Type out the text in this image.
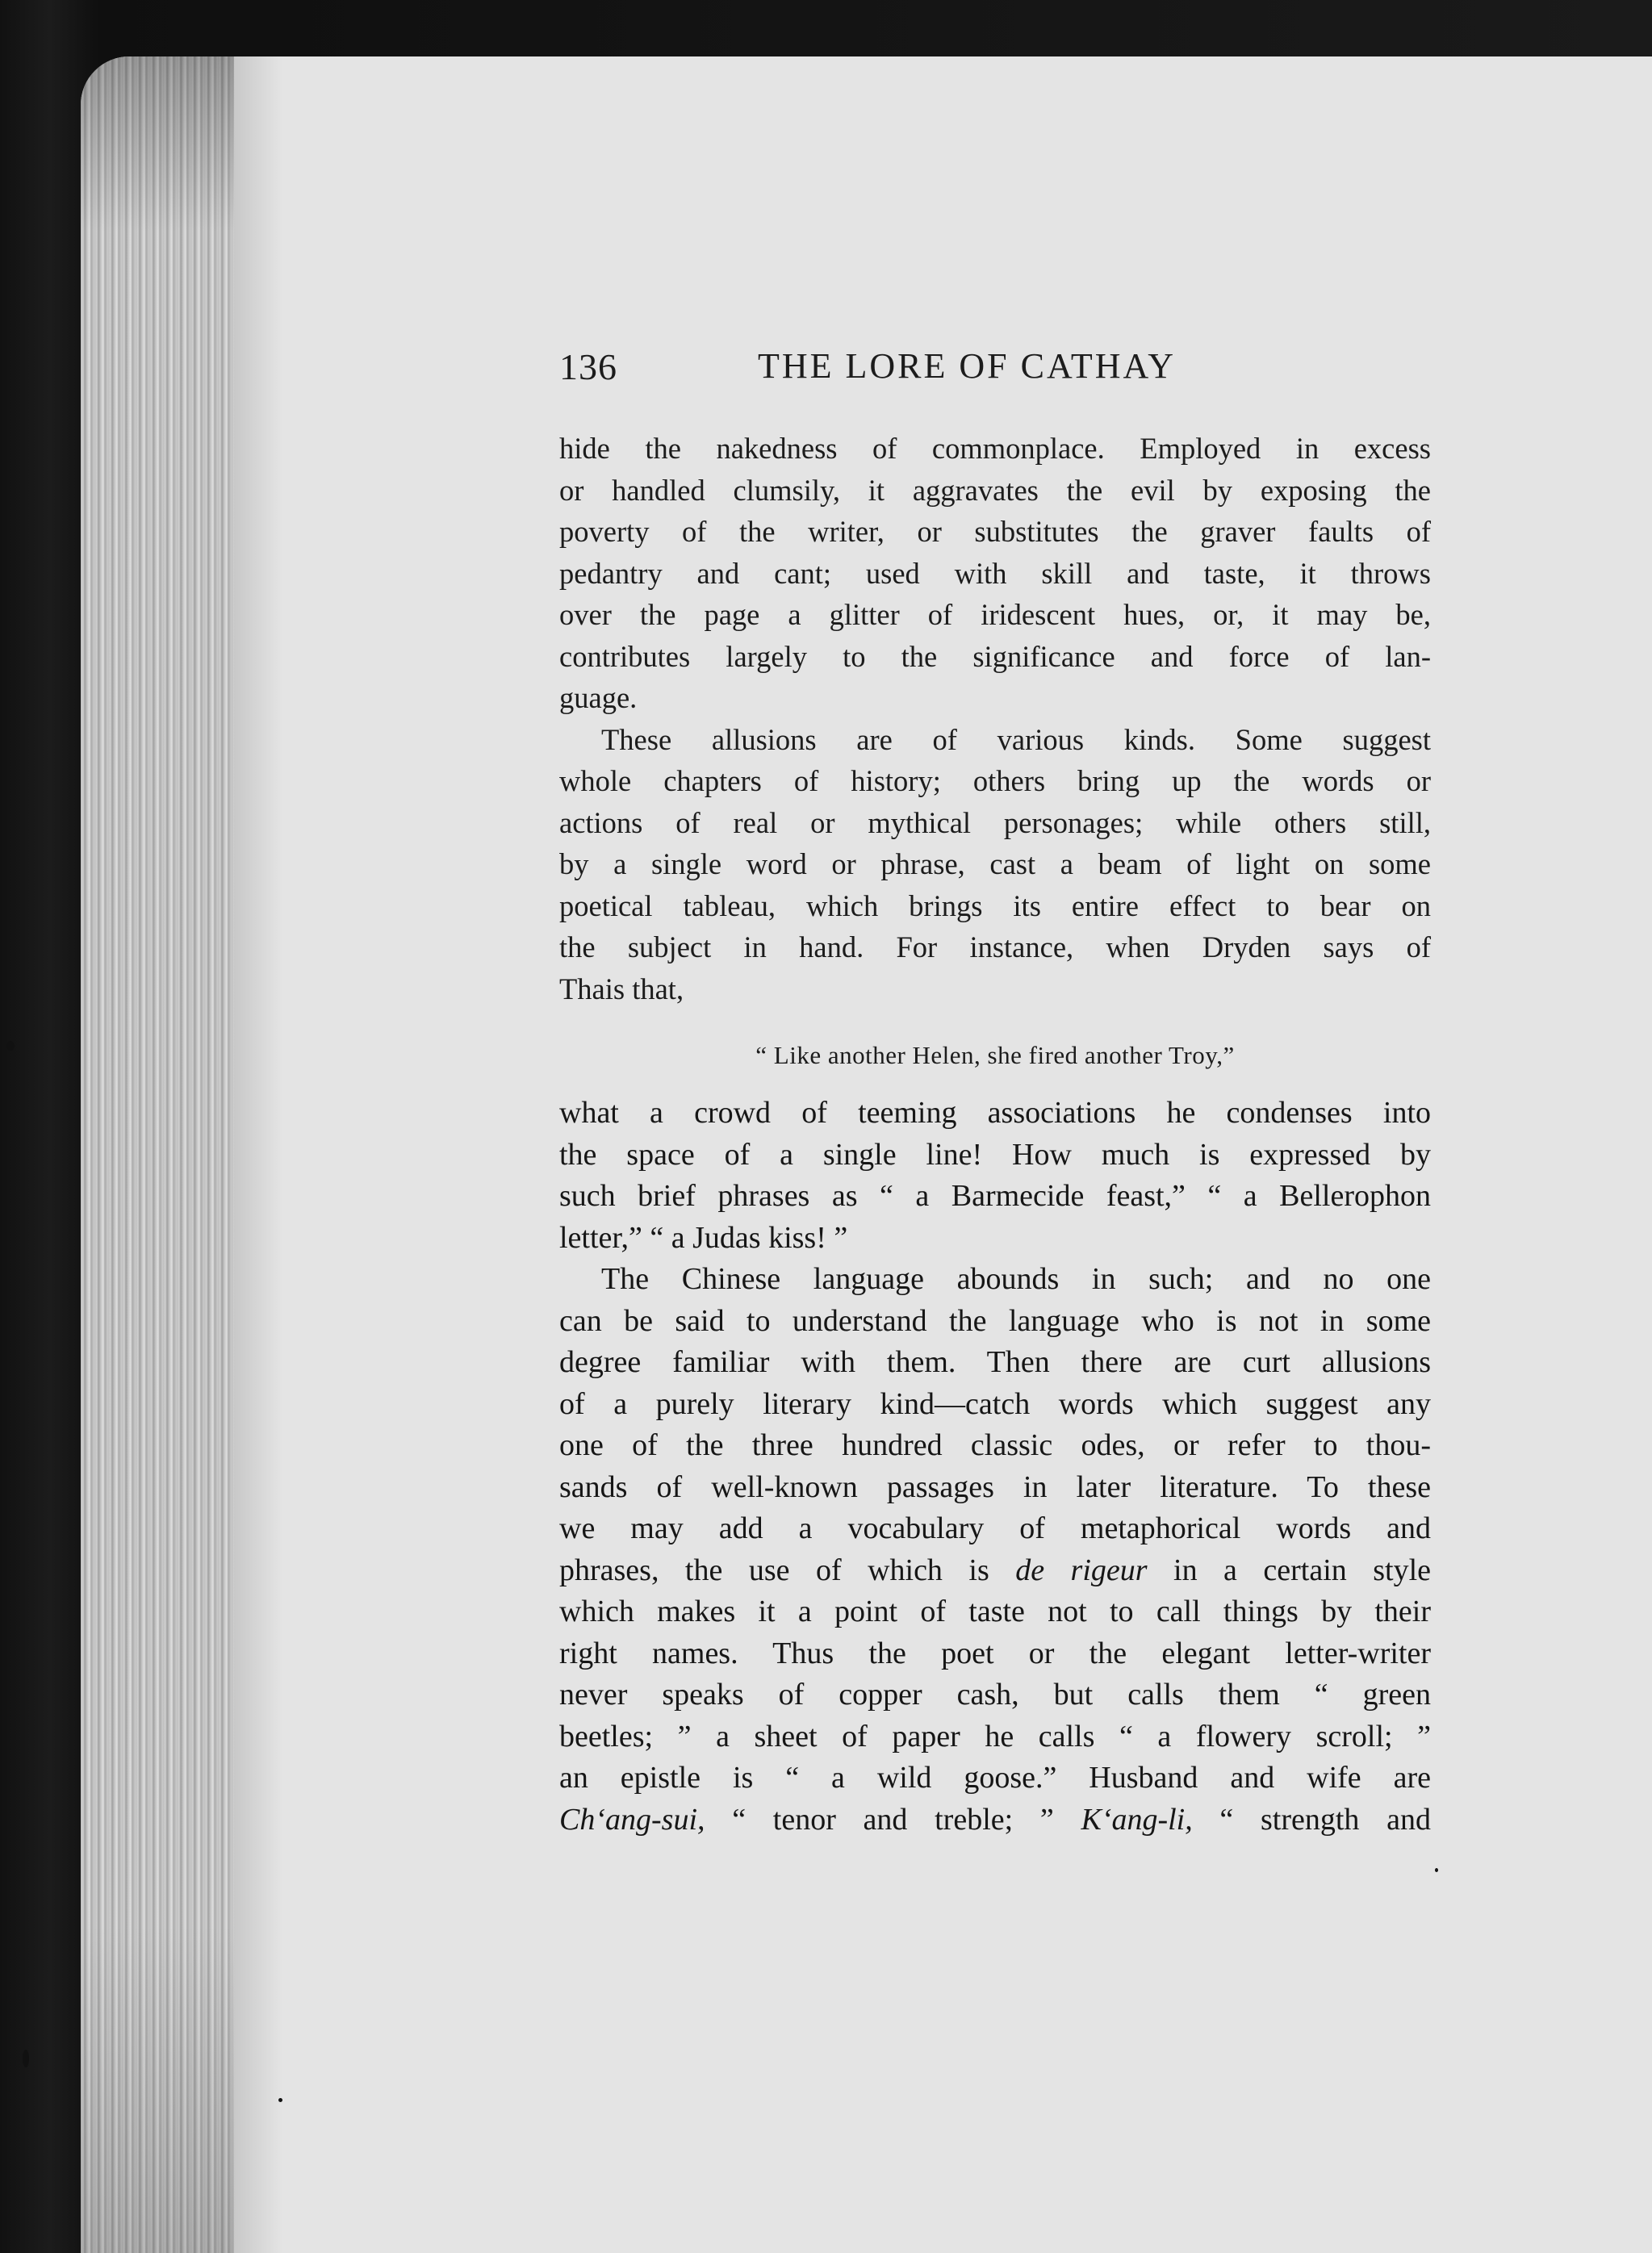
136	THE LORE OF CATHAY
hide the nakedness of commonplace. Employed in excess
or handled clumsily, it aggravates the evil by exposing the
poverty of the writer, or substitutes the graver faults of
pedantry and cant; used with skill and taste, it throws
over the page a glitter of iridescent hues, or, it may be,
contributes largely to the significance and force of lan-
guage.
These allusions are of various kinds. Some suggest
whole chapters of history; others bring up the words or
actions of real or mythical personages; while others still,
by a single word or phrase, cast a beam of light on some
poetical tableau, which brings its entire effect to bear on
the subject in hand. For instance, when Dryden says of
Thais that,
“ Like another Helen, she fired another Troy,”
what a crowd of teeming associations he condenses into
the space of a single line! How much is expressed by
such brief phrases as “ a Barmecide feast,” “ a Bellerophon
letter,” “ a Judas kiss! ”
The Chinese language abounds in such; and no one
can be said to understand the language who is not in some
degree familiar with them. Then there are curt allusions
of a purely literary kind—catch words which suggest any
one of the three hundred classic odes, or refer to thou-
sands of well-known passages in later literature. To these
we may add a vocabulary of metaphorical words and
phrases, the use of which is de rigeur in a certain style
which makes it a point of taste not to call things by their
right names. Thus the poet or the elegant letter-writer
never speaks of copper cash, but calls them “ green
beetles; ” a sheet of paper he calls “ a flowery scroll; ”
an epistle is “ a wild goose.” Husband and wife are
Ch‘ang-sui, “ tenor and treble; ” K‘ang-li, “ strength and
